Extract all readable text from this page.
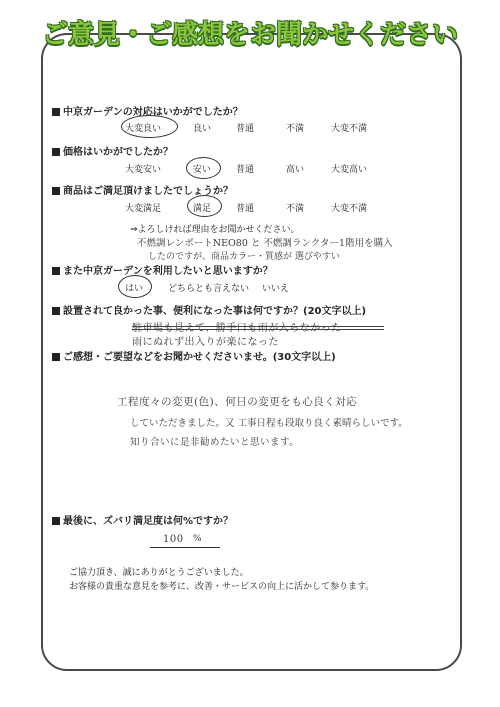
ご意見・ご感想をお聞かせください
中京ガーデンの対応はいかがでしたか？
大変良い	良い	普通	不満	大変不満
価格はいかがでしたか？
大変安い	安い	普通	高い	大変高い
商品はご満足頂けましたでしょうか？
大変満足	満足	普通	不満	大変不満
⇒よろしければ理由をお聞かせください。
不燃調レンボートNEO80 と 不燃調ランクター1階用を購入
したのですが、商品カラー・質感が 選びやすい
また中京ガーデンを利用したいと思いますか？
はい	どちらとも言えない いいえ
設置されて良かった事、便利になった事は何ですか？(20文字以上)
雨にぬれず出入りが楽になった
ご感想・ご要望などをお聞かせくださいませ。(30文字以上)
工程度々の変更(色)、何日の変更をも心良く対応
していただきました。又 工事日程も段取り良く素晴らしいです。
知り合いに是非勧めたいと思います。
最後に、ズバリ満足度は何%ですか？
100 %
ご協力頂き、誠にありがとうございました。
お客様の貴重な意見を参考に、改善・サービスの向上に活かして参ります。
